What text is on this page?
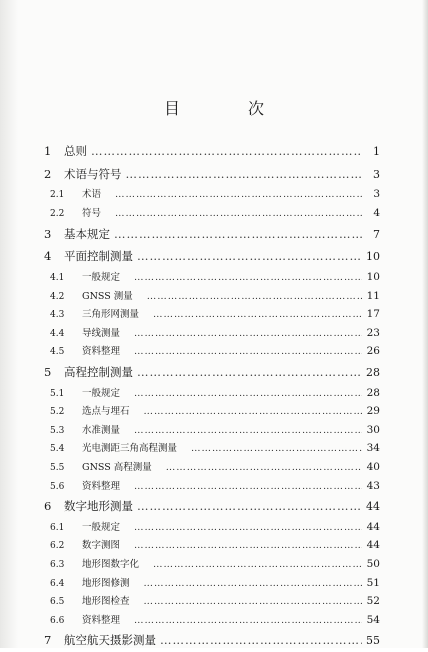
目　次
1	总则 ……………………………………………………………………………………………………………………………………………………	1
2	术语与符号 ……………………………………………………………………………………………………………………………………………………	3
2.1	术语 ……………………………………………………………………………………………………………………………………………………	3
2.2	符号 ……………………………………………………………………………………………………………………………………………………	4
3	基本规定 ……………………………………………………………………………………………………………………………………………………	7
4	平面控制测量 ……………………………………………………………………………………………………………………………………………………	10
4.1	一般规定 ……………………………………………………………………………………………………………………………………………………	10
4.2	GNSS 测量 ……………………………………………………………………………………………………………………………………………………	11
4.3	三角形网测量 ……………………………………………………………………………………………………………………………………………………	17
4.4	导线测量 ……………………………………………………………………………………………………………………………………………………	23
4.5	资料整理 ……………………………………………………………………………………………………………………………………………………	26
5	高程控制测量 ……………………………………………………………………………………………………………………………………………………	28
5.1	一般规定 ……………………………………………………………………………………………………………………………………………………	28
5.2	选点与埋石 ……………………………………………………………………………………………………………………………………………………	29
5.3	水准测量 ……………………………………………………………………………………………………………………………………………………	30
5.4	光电测距三角高程测量 ……………………………………………………………………………………………………………………………………………………	34
5.5	GNSS 高程测量 ……………………………………………………………………………………………………………………………………………………	40
5.6	资料整理 ……………………………………………………………………………………………………………………………………………………	43
6	数字地形测量 ……………………………………………………………………………………………………………………………………………………	44
6.1	一般规定 ……………………………………………………………………………………………………………………………………………………	44
6.2	数字测图 ……………………………………………………………………………………………………………………………………………………	44
6.3	地形图数字化 ……………………………………………………………………………………………………………………………………………………	50
6.4	地形图修测 ……………………………………………………………………………………………………………………………………………………	51
6.5	地形图检查 ……………………………………………………………………………………………………………………………………………………	52
6.6	资料整理 ……………………………………………………………………………………………………………………………………………………	54
7	航空航天摄影测量 ……………………………………………………………………………………………………………………………………………………	55
